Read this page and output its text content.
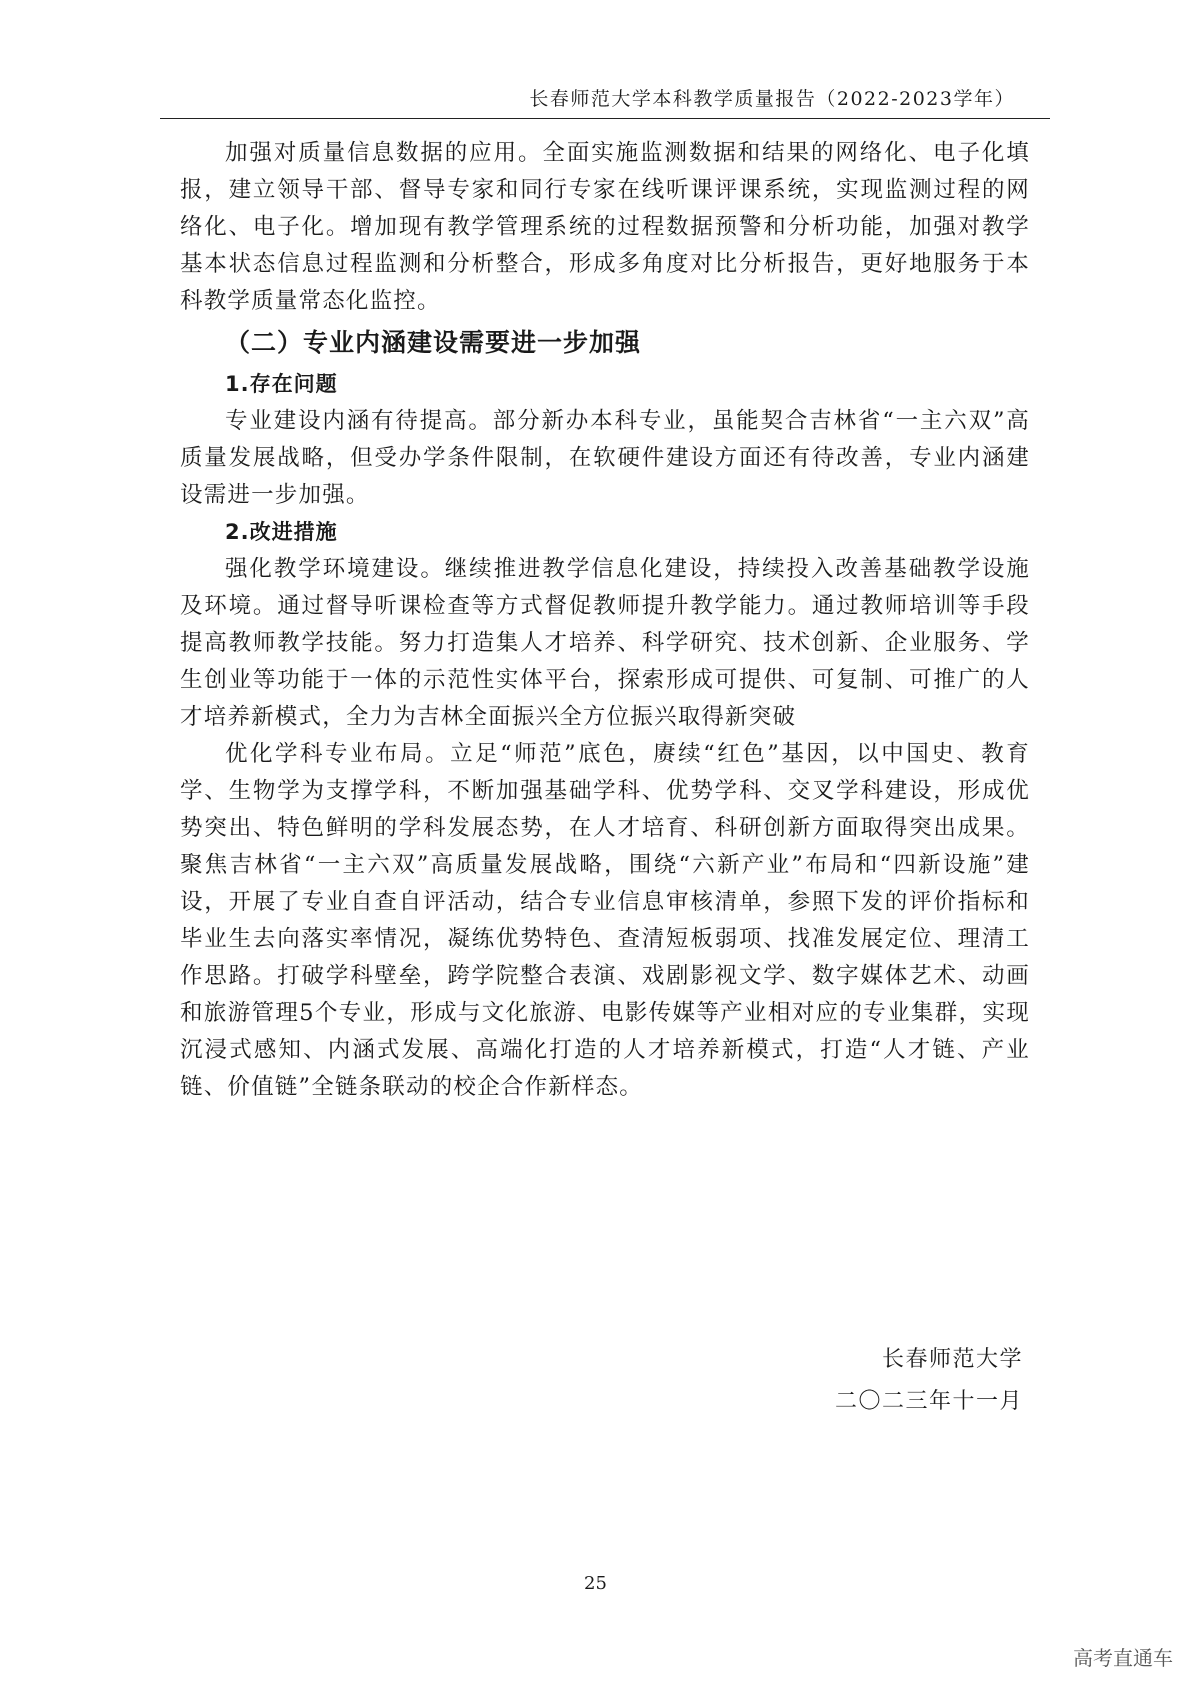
长春师范大学本科教学质量报告（2022-2023学年）

加强对质量信息数据的应用。全面实施监测数据和结果的网络化、电子化填报，建立领导干部、督导专家和同行专家在线听课评课系统，实现监测过程的网络化、电子化。增加现有教学管理系统的过程数据预警和分析功能，加强对教学基本状态信息过程监测和分析整合，形成多角度对比分析报告，更好地服务于本科教学质量常态化监控。

（二）专业内涵建设需要进一步加强

1.存在问题

专业建设内涵有待提高。部分新办本科专业，虽能契合吉林省“一主六双”高质量发展战略，但受办学条件限制，在软硬件建设方面还有待改善，专业内涵建设需进一步加强。

2.改进措施

强化教学环境建设。继续推进教学信息化建设，持续投入改善基础教学设施及环境。通过督导听课检查等方式督促教师提升教学能力。通过教师培训等手段提高教师教学技能。努力打造集人才培养、科学研究、技术创新、企业服务、学生创业等功能于一体的示范性实体平台，探索形成可提供、可复制、可推广的人才培养新模式，全力为吉林全面振兴全方位振兴取得新突破

优化学科专业布局。立足“师范”底色，赓续“红色”基因，以中国史、教育学、生物学为支撑学科，不断加强基础学科、优势学科、交叉学科建设，形成优势突出、特色鲜明的学科发展态势，在人才培育、科研创新方面取得突出成果。聚焦吉林省“一主六双”高质量发展战略，围绕“六新产业”布局和“四新设施”建设，开展了专业自查自评活动，结合专业信息审核清单，参照下发的评价指标和毕业生去向落实率情况，凝练优势特色、查清短板弱项、找准发展定位、理清工作思路。打破学科壁垒，跨学院整合表演、戏剧影视文学、数字媒体艺术、动画和旅游管理5个专业，形成与文化旅游、电影传媒等产业相对应的专业集群，实现沉浸式感知、内涵式发展、高端化打造的人才培养新模式，打造“人才链、产业链、价值链”全链条联动的校企合作新样态。

长春师范大学
二〇二三年十一月
25
高考直通车
